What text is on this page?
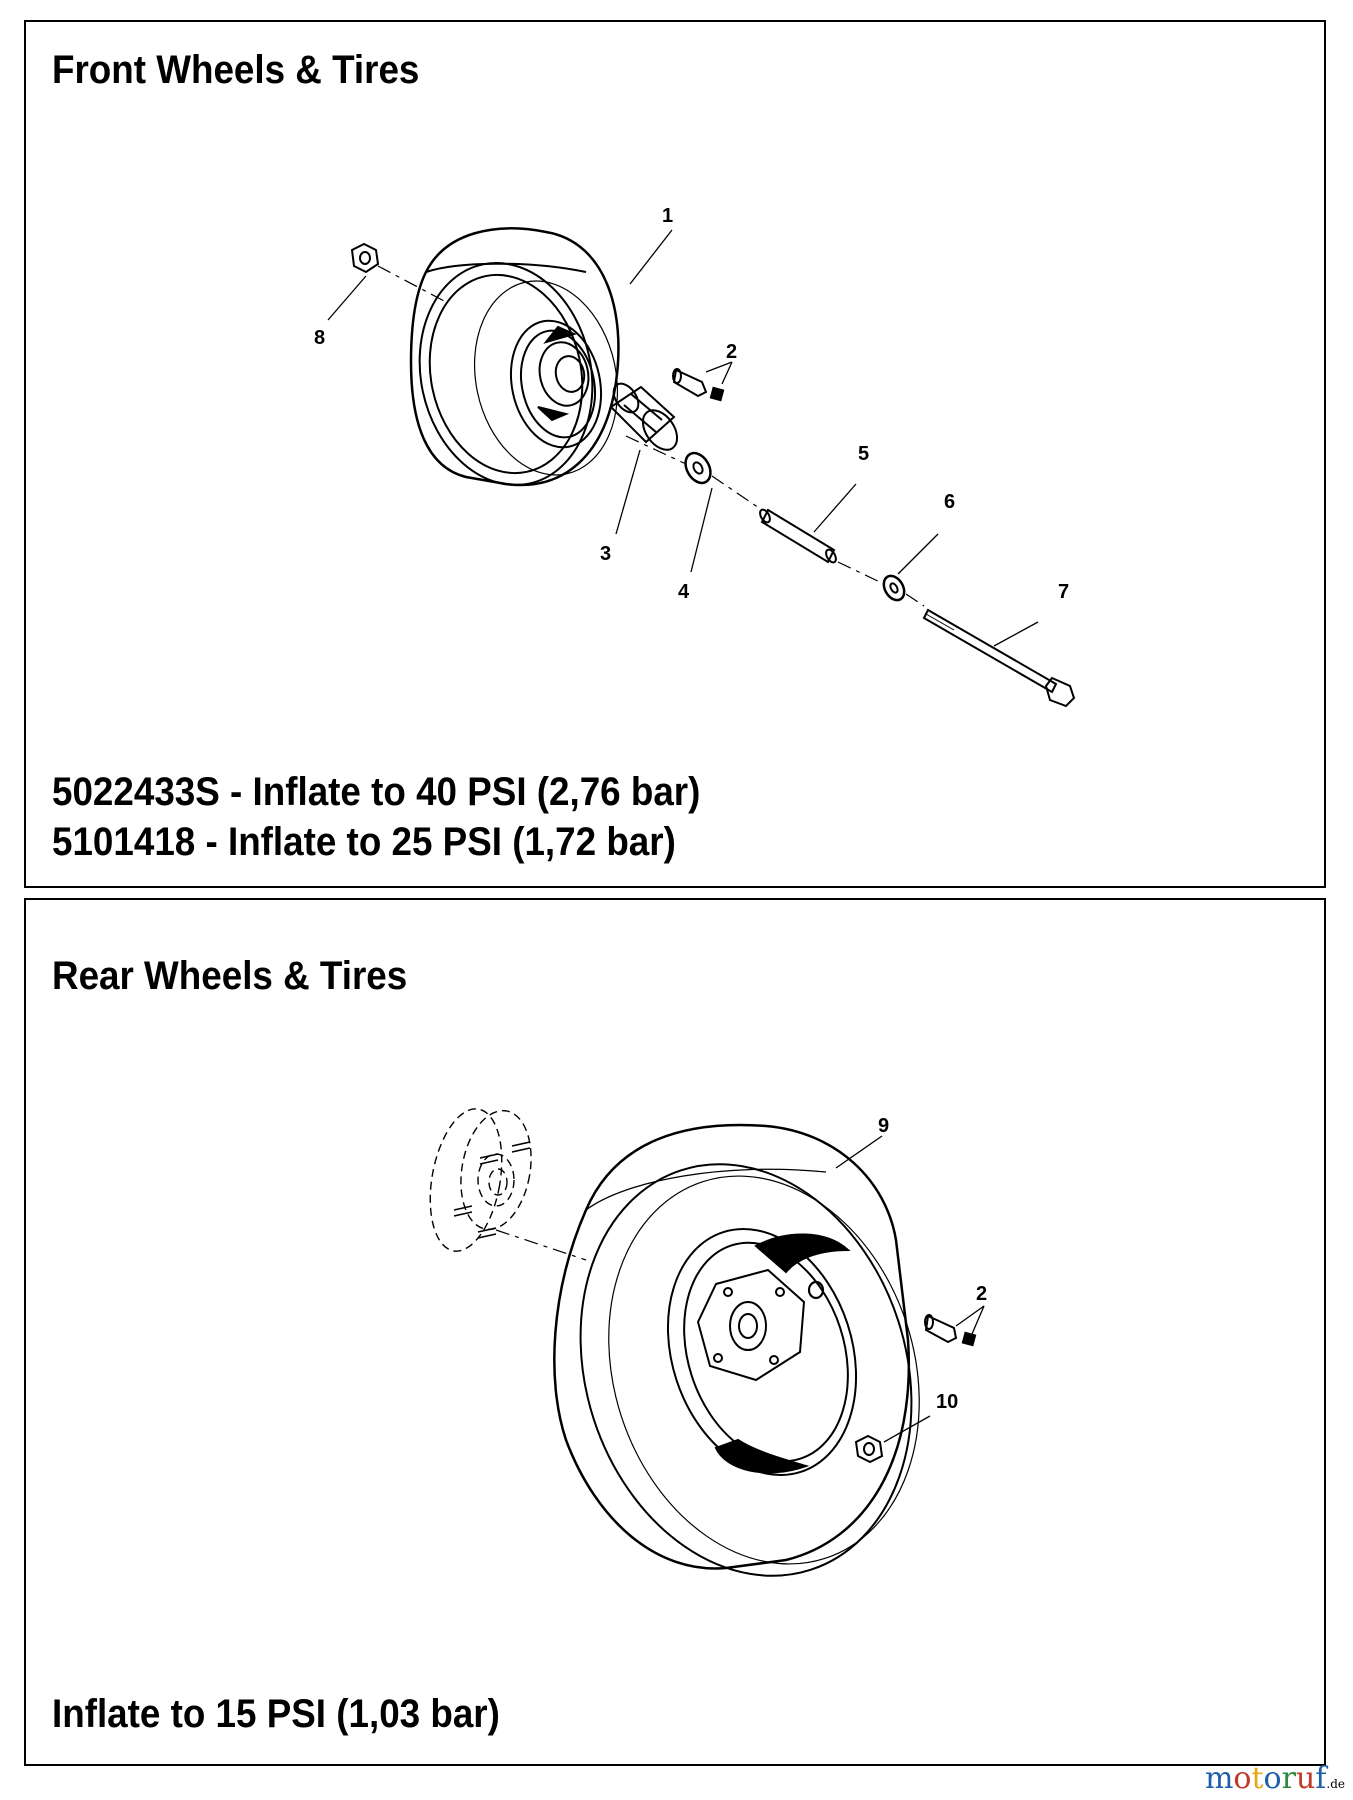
Front Wheels & Tires
1
2
3
4
5
6
7
8
5022433S - Inflate to 40 PSI (2,76 bar)
5101418 - Inflate to 25 PSI (1,72 bar)
Rear Wheels & Tires
9
2
10
Inflate to 15 PSI (1,03 bar)
motoruf.de
